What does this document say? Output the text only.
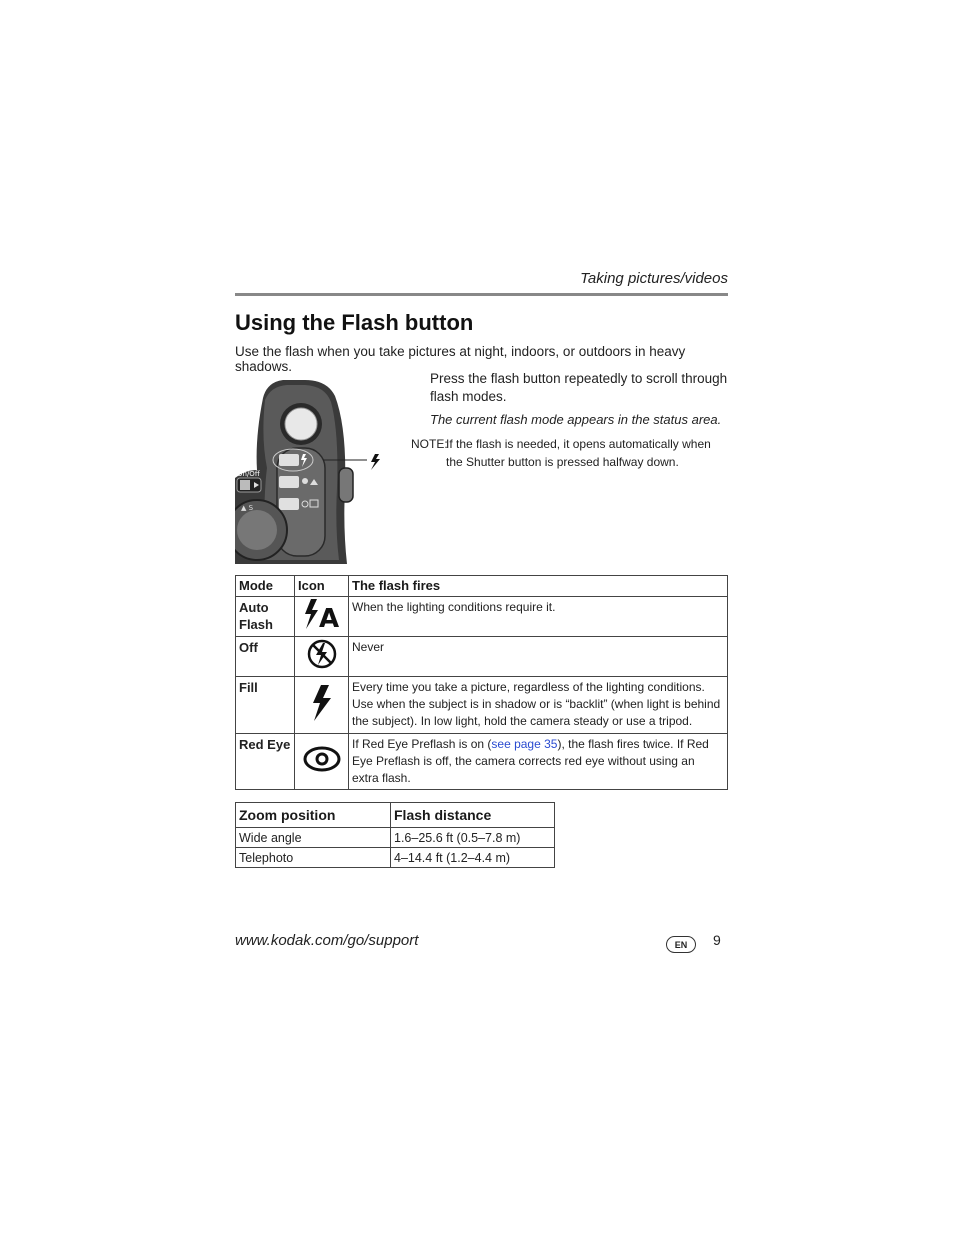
Taking pictures/videos
Using the Flash button
Use the flash when you take pictures at night, indoors, or outdoors in heavy shadows.
On/Off
▲ S
Press the flash button repeatedly to scroll through flash modes.
The current flash mode appears in the status area.
NOTE:
If the flash is needed, it opens automatically when the Shutter button is pressed halfway down.
Mode	Icon	The flash fires
Auto Flash	A	When the lighting conditions require it.
Off		Never
Fill		Every time you take a picture, regardless of the lighting conditions. Use when the subject is in shadow or is “backlit” (when light is behind the subject). In low light, hold the camera steady or use a tripod.
Red Eye		If Red Eye Preflash is on (see page 35), the flash fires twice. If Red Eye Preflash is off, the camera corrects red eye without using an extra flash.
Zoom position	Flash distance
Wide angle	1.6–25.6 ft (0.5–7.8 m)
Telephoto	4–14.4 ft (1.2–4.4 m)
www.kodak.com/go/support	EN	9
